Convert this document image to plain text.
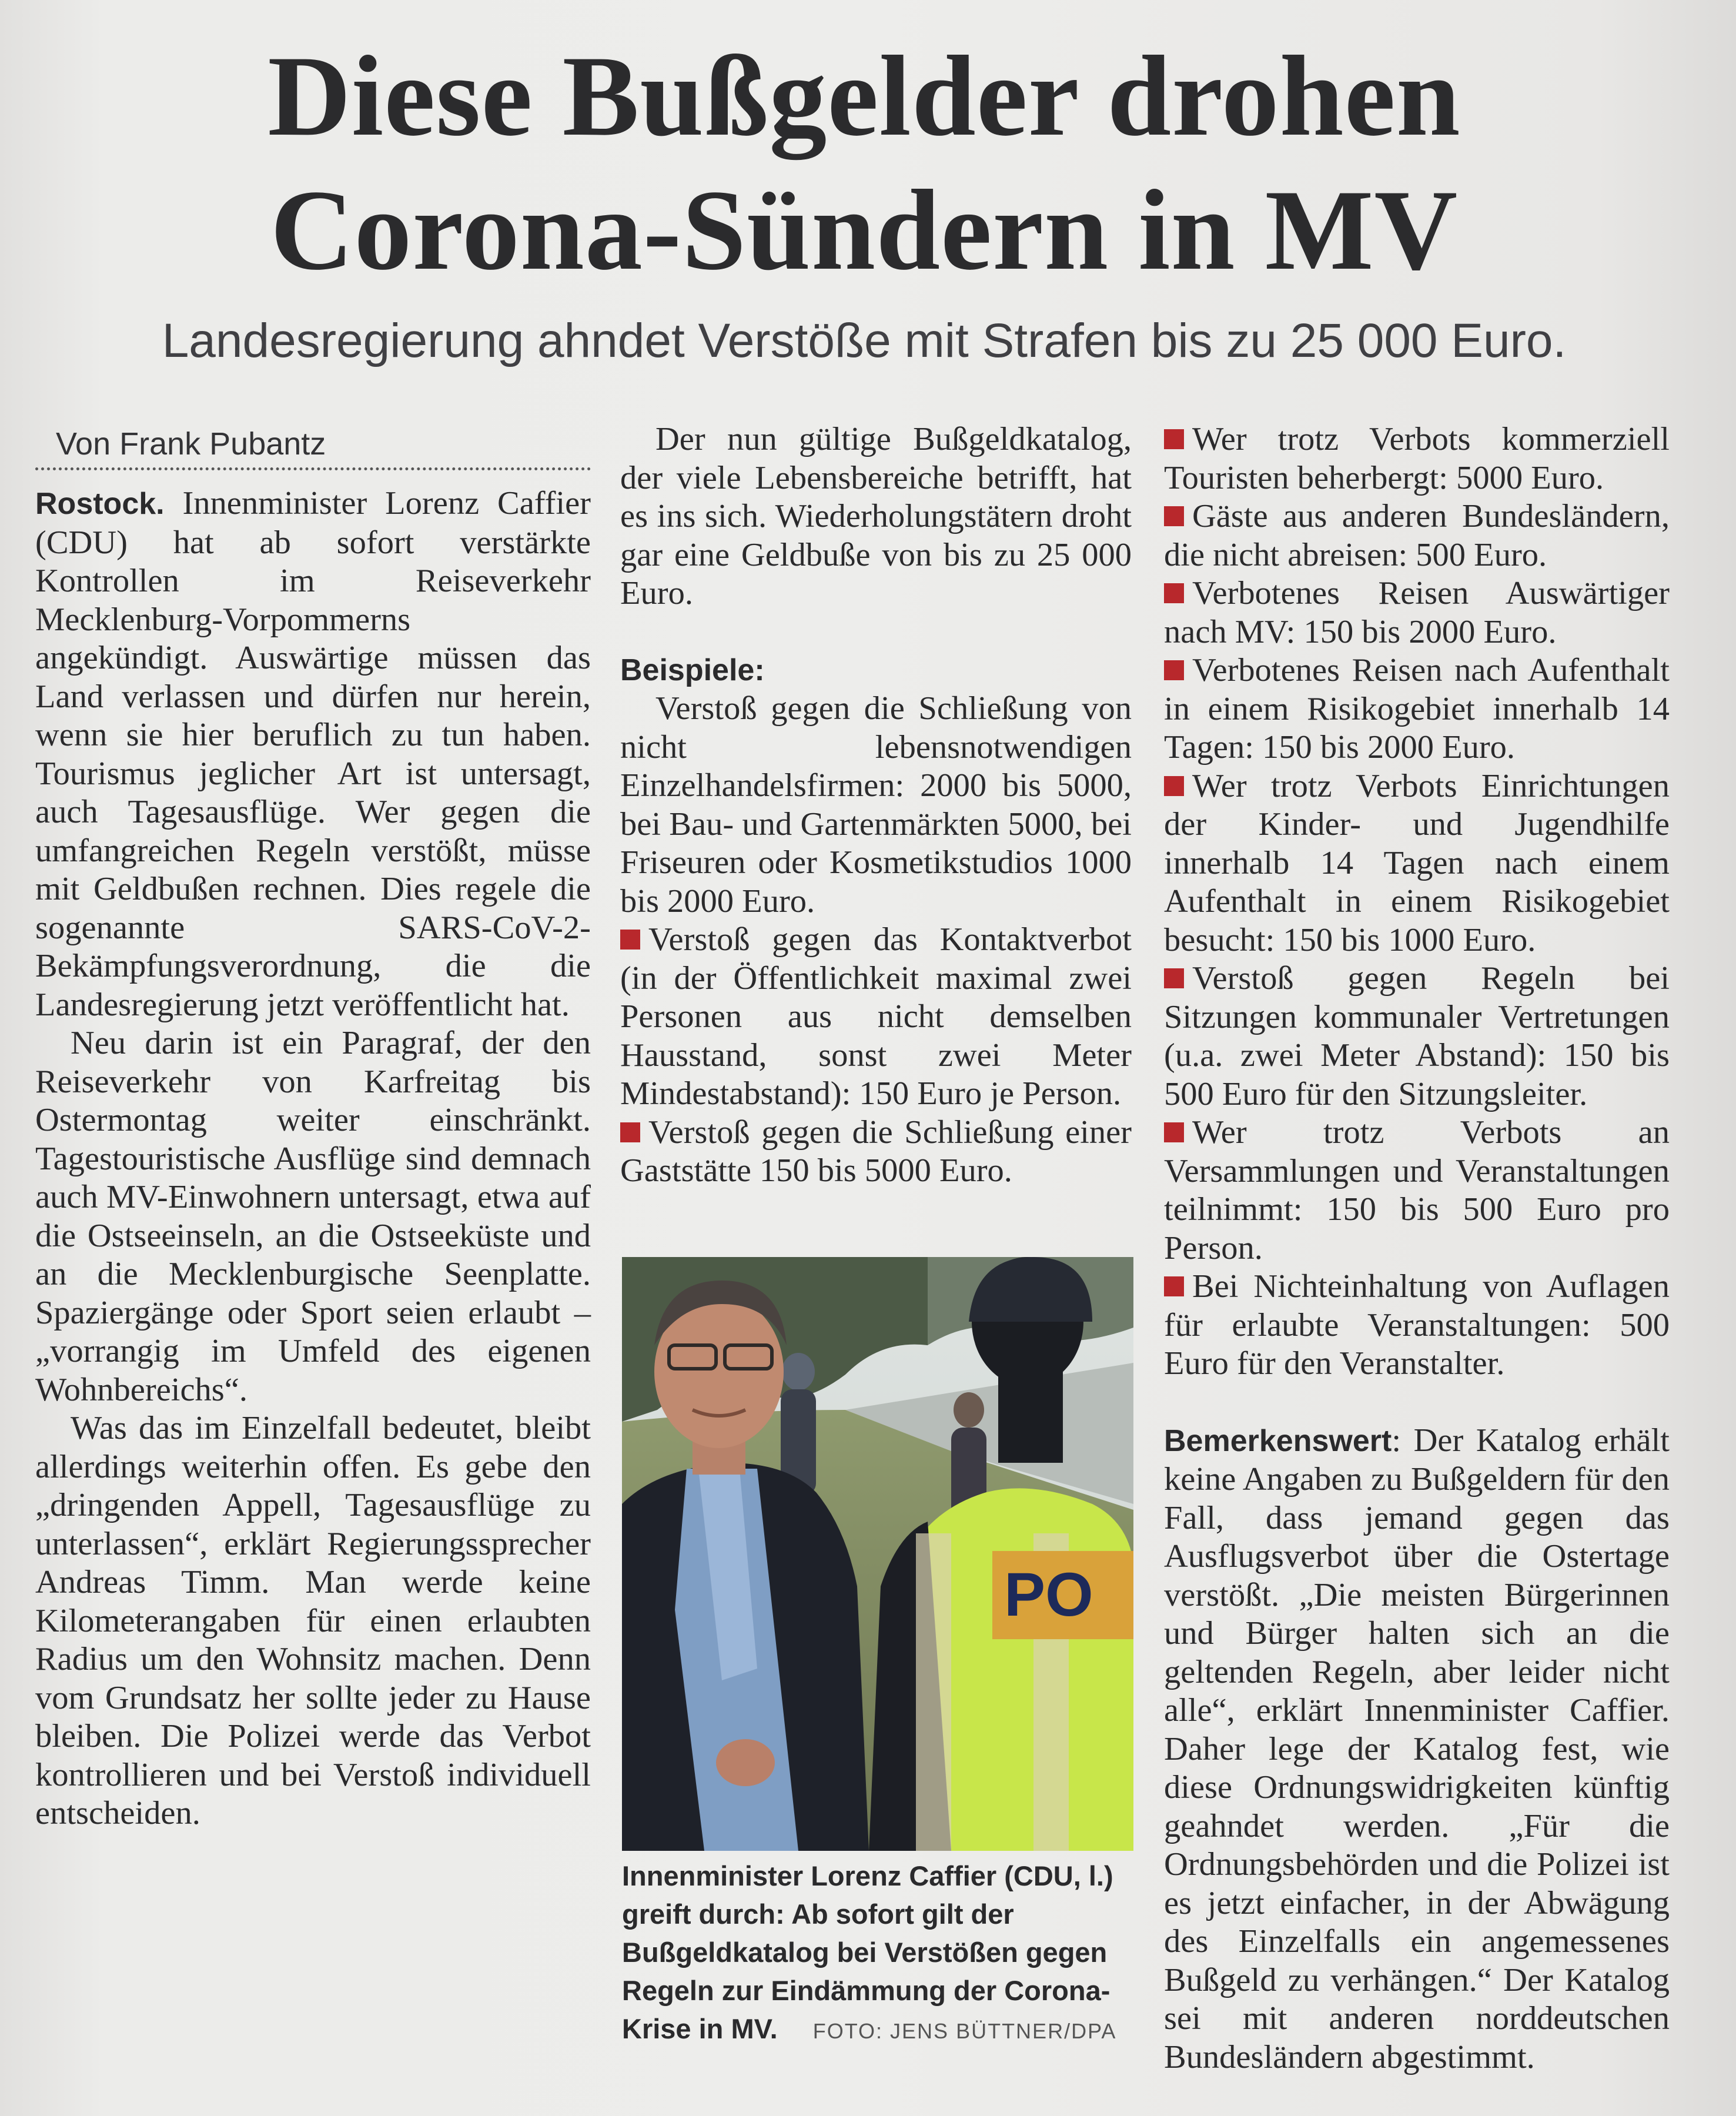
Diese Bußgelder drohen
Corona-Sündern in MV
Landesregierung ahndet Verstöße mit Strafen bis zu 25 000 Euro.
Von Frank Pubantz

Rostock. Innenminister Lorenz Caffier (CDU) hat ab sofort verstärkte Kontrollen im Reiseverkehr Mecklenburg-Vorpommerns angekündigt. Auswärtige müssen das Land verlassen und dürfen nur herein, wenn sie hier beruflich zu tun haben. Tourismus jeglicher Art ist untersagt, auch Tagesausflüge. Wer gegen die umfangreichen Regeln verstößt, müsse mit Geldbußen rechnen. Dies regele die sogenannte SARS-CoV-2-Bekämpfungsverordnung, die die Landesregierung jetzt veröffentlicht hat.

Neu darin ist ein Paragraf, der den Reiseverkehr von Karfreitag bis Ostermontag weiter einschränkt. Tagestouristische Ausflüge sind demnach auch MV-Einwohnern untersagt, etwa auf die Ostseeinseln, an die Ostseeküste und an die Mecklenburgische Seenplatte. Spaziergänge oder Sport seien erlaubt – „vorrangig im Umfeld des eigenen Wohnbereichs“.

Was das im Einzelfall bedeutet, bleibt allerdings weiterhin offen. Es gebe den „dringenden Appell, Tagesausflüge zu unterlassen“, erklärt Regierungssprecher Andreas Timm. Man werde keine Kilometerangaben für einen erlaubten Radius um den Wohnsitz machen. Denn vom Grundsatz her sollte jeder zu Hause bleiben. Die Polizei werde das Verbot kontrollieren und bei Verstoß individuell entscheiden.

Der nun gültige Bußgeldkatalog, der viele Lebensbereiche betrifft, hat es ins sich. Wiederholungstätern droht gar eine Geldbuße von bis zu 25 000 Euro.

Beispiele:

Verstoß gegen die Schließung von nicht lebensnotwendigen Einzelhandelsfirmen: 2000 bis 5000, bei Bau- und Gartenmärkten 5000, bei Friseuren oder Kosmetikstudios 1000 bis 2000 Euro.

Verstoß gegen das Kontaktverbot (in der Öffentlichkeit maximal zwei Personen aus nicht demselben Hausstand, sonst zwei Meter Mindestabstand): 150 Euro je Person.

Verstoß gegen die Schließung einer Gaststätte 150 bis 5000 Euro.

PO
Innenminister Lorenz Caffier (CDU, l.) greift durch: Ab sofort gilt der Bußgeldkatalog bei Verstößen gegen Regeln zur Eindämmung der Corona-Krise in MV. FOTO: JENS BÜTTNER/DPA

Wer trotz Verbots kommerziell Touristen beherbergt: 5000 Euro.

Gäste aus anderen Bundesländern, die nicht abreisen: 500 Euro.

Verbotenes Reisen Auswärtiger nach MV: 150 bis 2000 Euro.

Verbotenes Reisen nach Aufenthalt in einem Risikogebiet innerhalb 14 Tagen: 150 bis 2000 Euro.

Wer trotz Verbots Einrichtungen der Kinder- und Jugendhilfe innerhalb 14 Tagen nach einem Aufenthalt in einem Risikogebiet besucht: 150 bis 1000 Euro.

Verstoß gegen Regeln bei Sitzungen kommunaler Vertretungen (u.a. zwei Meter Abstand): 150 bis 500 Euro für den Sitzungsleiter.

Wer trotz Verbots an Versammlungen und Veranstaltungen teilnimmt: 150 bis 500 Euro pro Person.

Bei Nichteinhaltung von Auflagen für erlaubte Veranstaltungen: 500 Euro für den Veranstalter.

Bemerkenswert: Der Katalog erhält keine Angaben zu Bußgeldern für den Fall, dass jemand gegen das Ausflugsverbot über die Ostertage verstößt. „Die meisten Bürgerinnen und Bürger halten sich an die geltenden Regeln, aber leider nicht alle“, erklärt Innenminister Caffier. Daher lege der Katalog fest, wie diese Ordnungswidrigkeiten künftig geahndet werden. „Für die Ordnungsbehörden und die Polizei ist es jetzt einfacher, in der Abwägung des Einzelfalls ein angemessenes Bußgeld zu verhängen.“ Der Katalog sei mit anderen norddeutschen Bundesländern abgestimmt.
